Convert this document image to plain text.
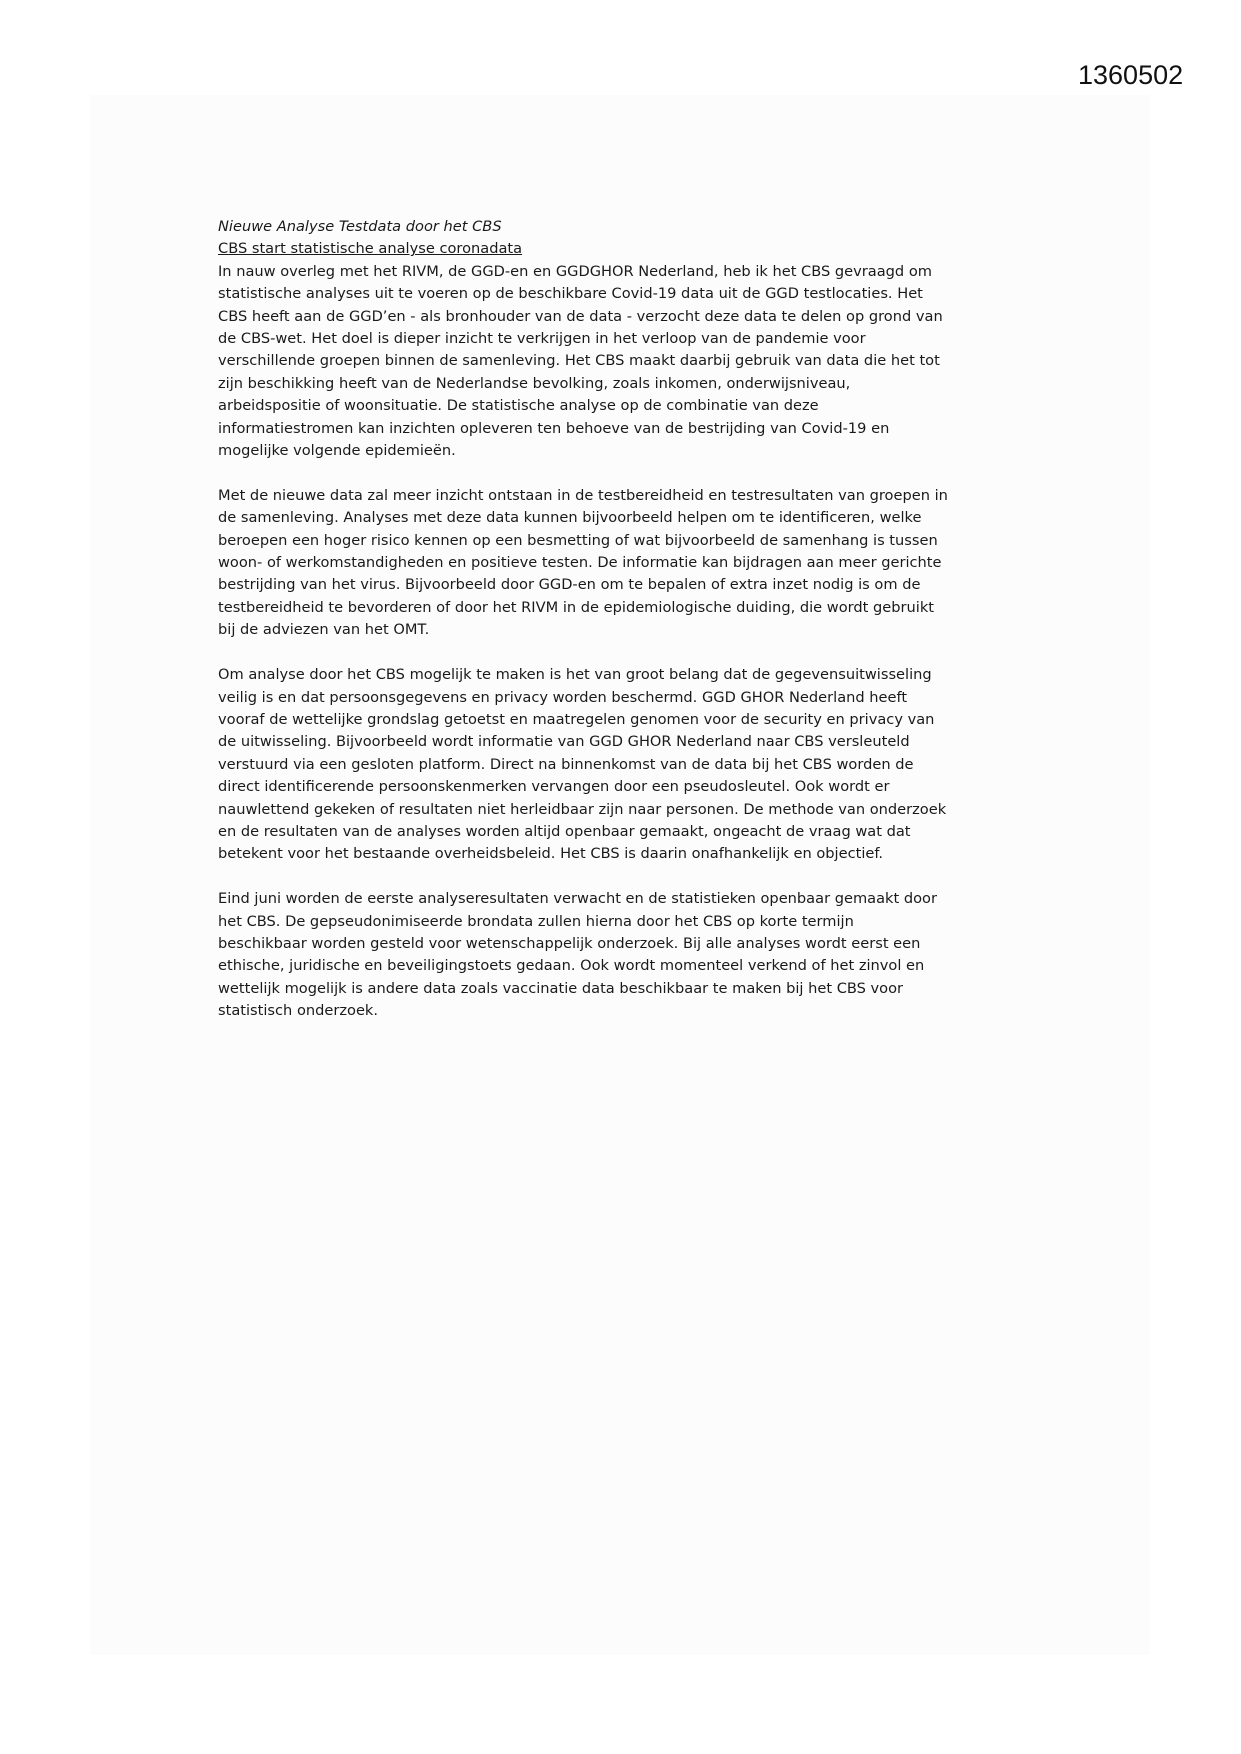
1360502
Nieuwe Analyse Testdata door het CBS
CBS start statistische analyse coronadata
In nauw overleg met het RIVM, de GGD-en en GGDGHOR Nederland, heb ik het CBS gevraagd om
statistische analyses uit te voeren op de beschikbare Covid-19 data uit de GGD testlocaties. Het
CBS heeft aan de GGD’en - als bronhouder van de data - verzocht deze data te delen op grond van
de CBS-wet. Het doel is dieper inzicht te verkrijgen in het verloop van de pandemie voor
verschillende groepen binnen de samenleving. Het CBS maakt daarbij gebruik van data die het tot
zijn beschikking heeft van de Nederlandse bevolking, zoals inkomen, onderwijsniveau,
arbeidspositie of woonsituatie. De statistische analyse op de combinatie van deze
informatiestromen kan inzichten opleveren ten behoeve van de bestrijding van Covid-19 en
mogelijke volgende epidemieën.
Met de nieuwe data zal meer inzicht ontstaan in de testbereidheid en testresultaten van groepen in
de samenleving. Analyses met deze data kunnen bijvoorbeeld helpen om te identificeren, welke
beroepen een hoger risico kennen op een besmetting of wat bijvoorbeeld de samenhang is tussen
woon- of werkomstandigheden en positieve testen. De informatie kan bijdragen aan meer gerichte
bestrijding van het virus. Bijvoorbeeld door GGD-en om te bepalen of extra inzet nodig is om de
testbereidheid te bevorderen of door het RIVM in de epidemiologische duiding, die wordt gebruikt
bij de adviezen van het OMT.
Om analyse door het CBS mogelijk te maken is het van groot belang dat de gegevensuitwisseling
veilig is en dat persoonsgegevens en privacy worden beschermd. GGD GHOR Nederland heeft
vooraf de wettelijke grondslag getoetst en maatregelen genomen voor de security en privacy van
de uitwisseling. Bijvoorbeeld wordt informatie van GGD GHOR Nederland naar CBS versleuteld
verstuurd via een gesloten platform. Direct na binnenkomst van de data bij het CBS worden de
direct identificerende persoonskenmerken vervangen door een pseudosleutel. Ook wordt er
nauwlettend gekeken of resultaten niet herleidbaar zijn naar personen. De methode van onderzoek
en de resultaten van de analyses worden altijd openbaar gemaakt, ongeacht de vraag wat dat
betekent voor het bestaande overheidsbeleid. Het CBS is daarin onafhankelijk en objectief.
Eind juni worden de eerste analyseresultaten verwacht en de statistieken openbaar gemaakt door
het CBS. De gepseudonimiseerde brondata zullen hierna door het CBS op korte termijn
beschikbaar worden gesteld voor wetenschappelijk onderzoek. Bij alle analyses wordt eerst een
ethische, juridische en beveiligingstoets gedaan. Ook wordt momenteel verkend of het zinvol en
wettelijk mogelijk is andere data zoals vaccinatie data beschikbaar te maken bij het CBS voor
statistisch onderzoek.
